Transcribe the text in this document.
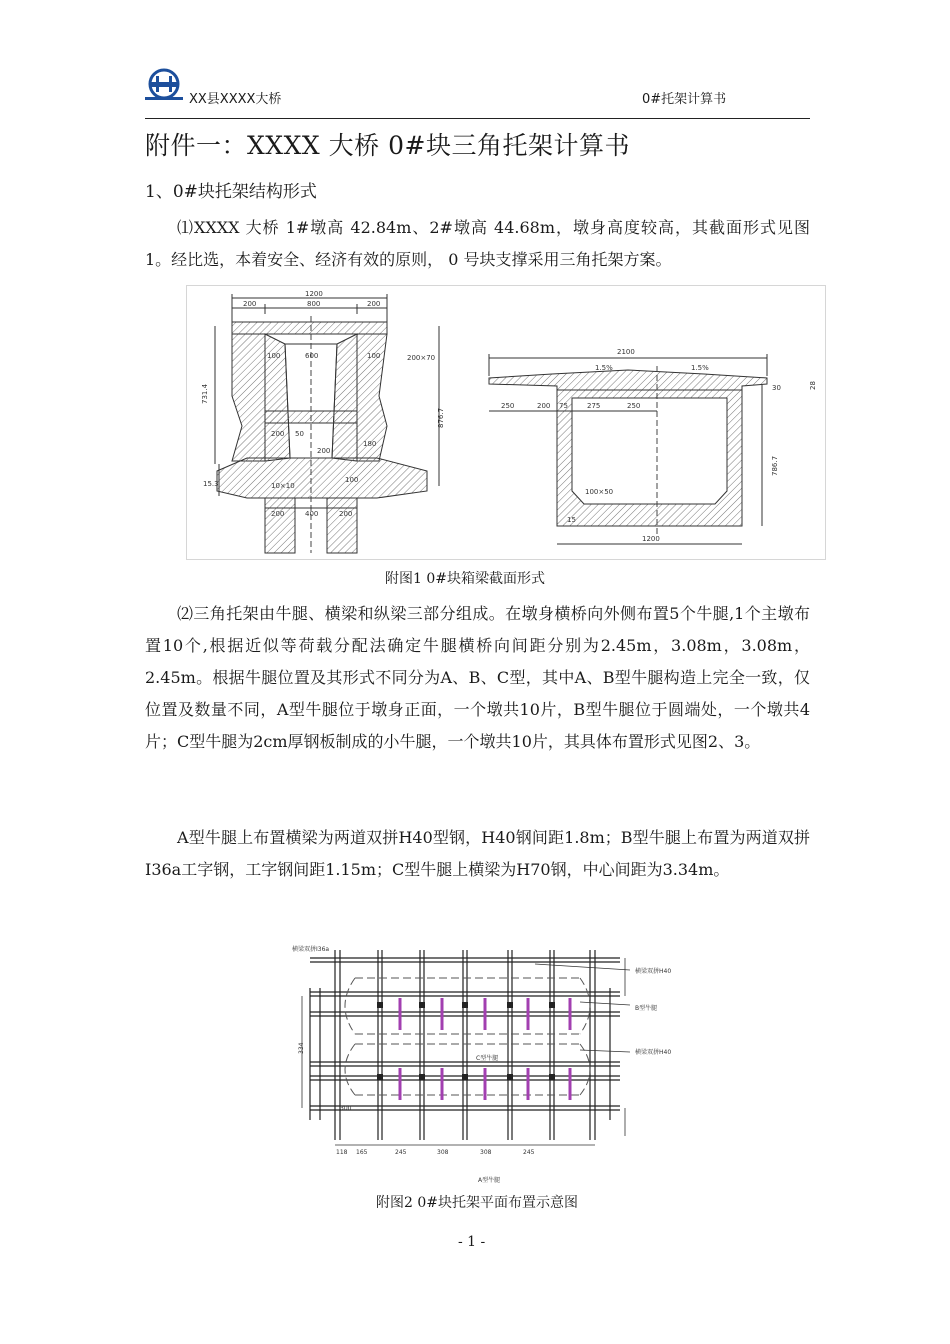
XX县XXXX大桥	0#托架计算书
附件一：XXXX 大桥 0#块三角托架计算书
1、0#块托架结构形式
⑴XXXX 大桥 1#墩高 42.84m、2#墩高 44.68m，墩身高度较高，其截面形式见图 1。经比选，本着安全、经济有效的原则， 0 号块支撑采用三角托架方案。
1200
200	800	200
100	600	100	200×70
731.4
876.7
200 50
200
180
15.3	10×10
100
200	400	200
2100
1.5%	1.5%
250	200 75	275	250
30	28
786.7
100×50
15
1200
附图1 0#块箱梁截面形式
⑵三角托架由牛腿、横梁和纵梁三部分组成。在墩身横桥向外侧布置5个牛腿,1个主墩布置10个,根据近似等荷载分配法确定牛腿横桥向间距分别为2.45m，3.08m，3.08m，2.45m。根据牛腿位置及其形式不同分为A、B、C型，其中A、B型牛腿构造上完全一致，仅位置及数量不同，A型牛腿位于墩身正面，一个墩共10片，B型牛腿位于圆端处，一个墩共4片；C型牛腿为2cm厚钢板制成的小牛腿，一个墩共10片，其具体布置形式见图2、3。
A型牛腿上布置横梁为两道双拼H40型钢，H40钢间距1.8m；B型牛腿上布置为两道双拼I36a工字钢，工字钢间距1.15m；C型牛腿上横梁为H70钢，中心间距为3.34m。
横梁双拼I36a
横梁双拼H40
B型牛腿
横梁双拼H40
C型牛腿
A型牛腿
118 165	245	308	308	245
300
334
附图2 0#块托架平面布置示意图
- 1 -
